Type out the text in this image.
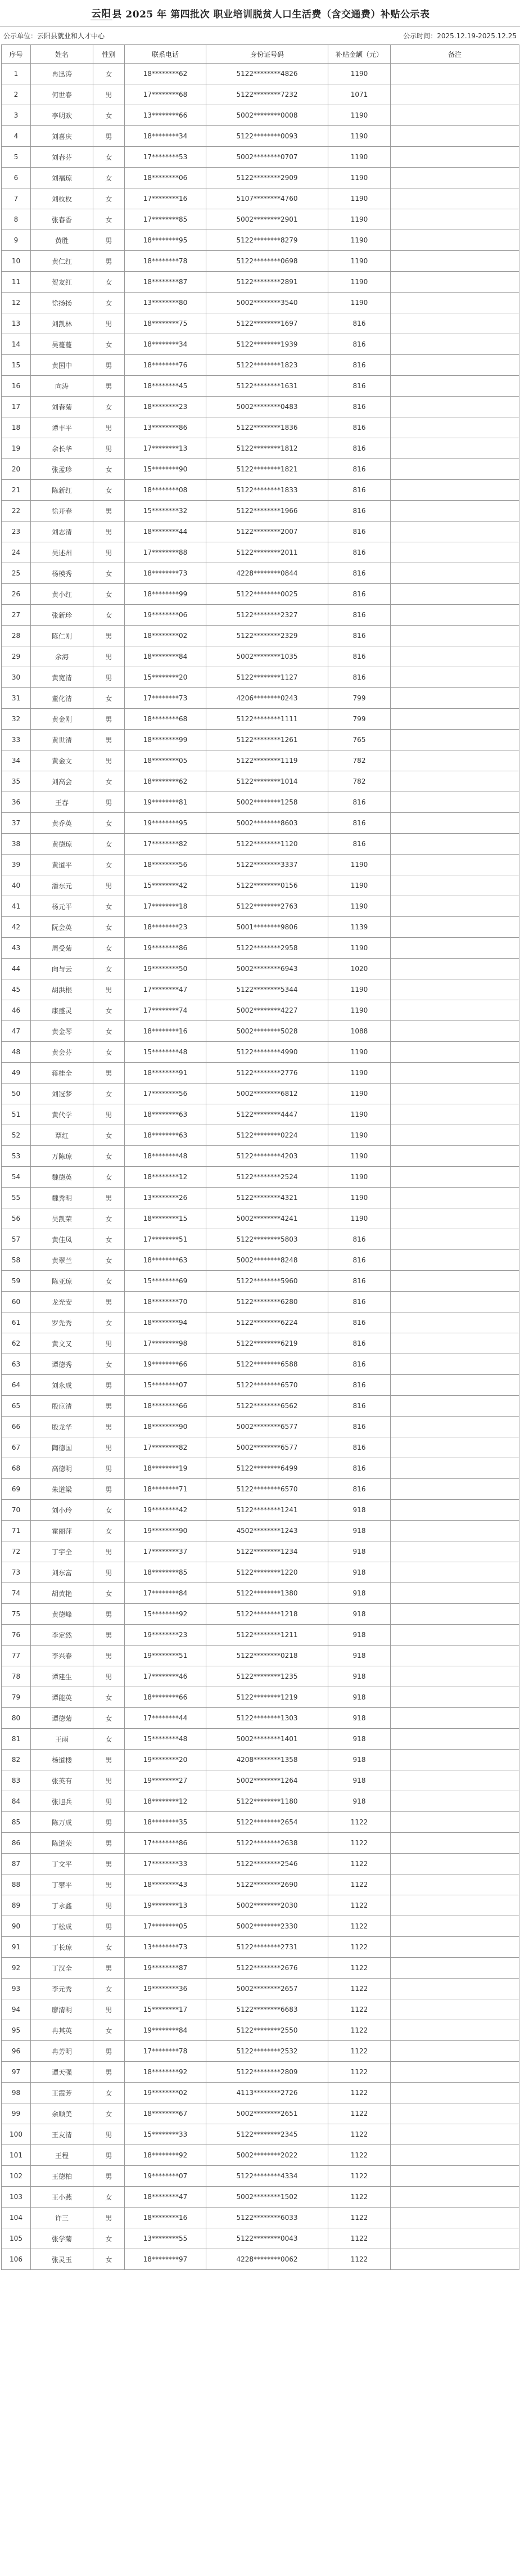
云阳 县 2025 年 第四批次 职业培训脱贫人口生活费（含交通费）补贴公示表
公示单位：云阳县就业和人才中心	公示时间：2025.12.19-2025.12.25
序号	姓名	性别	联系电话	身份证号码	补贴金额（元）	备注
1	冉迅涛	女	18********62	5122********4826	1190	
2	何世春	男	17********68	5122********7232	1071	
3	李明欢	女	13********66	5002********0008	1190	
4	刘喜庆	男	18********34	5122********0093	1190	
5	刘春芬	女	17********53	5002********0707	1190	
6	刘福琼	女	18********06	5122********2909	1190	
7	刘枚枚	女	17********16	5107********4760	1190	
8	张春香	女	17********85	5002********2901	1190	
9	黄胜	男	18********95	5122********8279	1190	
10	黄仁红	男	18********78	5122********0698	1190	
11	贺友红	女	18********87	5122********2891	1190	
12	徐扬扬	女	13********80	5002********3540	1190	
13	刘凯林	男	18********75	5122********1697	816	
14	吴蔓蔓	女	18********34	5122********1939	816	
15	黄国中	男	18********76	5122********1823	816	
16	向涛	男	18********45	5122********1631	816	
17	刘春菊	女	18********23	5002********0483	816	
18	谭丰平	男	13********86	5122********1836	816	
19	余长华	男	17********13	5122********1812	816	
20	张孟珍	女	15********90	5122********1821	816	
21	陈新红	女	18********08	5122********1833	816	
22	徐开春	男	15********32	5122********1966	816	
23	刘志清	男	18********44	5122********2007	816	
24	吴述州	男	17********88	5122********2011	816	
25	杨模秀	女	18********73	4228********0844	816	
26	黄小红	女	18********99	5122********0025	816	
27	张新珍	女	19********06	5122********2327	816	
28	陈仁刚	男	18********02	5122********2329	816	
29	余海	男	18********84	5002********1035	816	
30	黄宽清	男	15********20	5122********1127	816	
31	董化清	女	17********73	4206********0243	799	
32	黄金刚	男	18********68	5122********1111	799	
33	黄世清	男	18********99	5122********1261	765	
34	黄金文	男	18********05	5122********1119	782	
35	刘高会	女	18********62	5122********1014	782	
36	王春	男	19********81	5002********1258	816	
37	黄乔英	女	19********95	5002********8603	816	
38	黄德琼	女	17********82	5122********1120	816	
39	黄道平	女	18********56	5122********3337	1190	
40	潘东元	男	15********42	5122********0156	1190	
41	杨元平	女	17********18	5122********2763	1190	
42	阮会英	女	18********23	5001********9806	1139	
43	周受菊	女	19********86	5122********2958	1190	
44	向与云	女	19********50	5002********6943	1020	
45	胡洪根	男	17********47	5122********5344	1190	
46	康盛灵	女	17********74	5002********4227	1190	
47	黄金琴	女	18********16	5002********5028	1088	
48	黄会芬	女	15********48	5122********4990	1190	
49	蒋桂全	男	18********91	5122********2776	1190	
50	刘冠梦	女	17********56	5002********6812	1190	
51	黄代学	男	18********63	5122********4447	1190	
52	覃红	女	18********63	5122********0224	1190	
53	万陈琼	女	18********48	5122********4203	1190	
54	魏德英	女	18********12	5122********2524	1190	
55	魏秀明	男	13********26	5122********4321	1190	
56	吴凯荣	女	18********15	5002********4241	1190	
57	黄佳凤	女	17********51	5122********5803	816	
58	黄翠兰	女	18********63	5002********8248	816	
59	陈亚琼	女	15********69	5122********5960	816	
60	龙光安	男	18********70	5122********6280	816	
61	罗先秀	女	18********94	5122********6224	816	
62	黄文又	男	17********98	5122********6219	816	
63	谭德秀	女	19********66	5122********6588	816	
64	刘永成	男	15********07	5122********6570	816	
65	殷应清	男	18********66	5122********6562	816	
66	殷龙华	男	18********90	5002********6577	816	
67	陶德国	男	17********82	5002********6577	816	
68	高德明	男	18********19	5122********6499	816	
69	朱道梁	男	18********71	5122********6570	816	
70	刘小玲	女	19********42	5122********1241	918	
71	霍丽萍	女	19********90	4502********1243	918	
72	丁宇全	男	17********37	5122********1234	918	
73	刘东富	男	18********85	5122********1220	918	
74	胡黄艳	女	17********84	5122********1380	918	
75	黄德峰	男	15********92	5122********1218	918	
76	李定然	男	19********23	5122********1211	918	
77	李兴春	男	19********51	5122********0218	918	
78	谭建生	男	17********46	5122********1235	918	
79	谭能英	女	18********66	5122********1219	918	
80	谭德菊	女	17********44	5122********1303	918	
81	王雨	女	15********48	5002********1401	918	
82	杨道楼	男	19********20	4208********1358	918	
83	张英有	男	19********27	5002********1264	918	
84	张旭兵	男	18********12	5122********1180	918	
85	陈万成	男	18********35	5122********2654	1122	
86	陈道荣	男	17********86	5122********2638	1122	
87	丁文平	男	17********33	5122********2546	1122	
88	丁攀平	男	18********43	5122********2690	1122	
89	丁永鑫	男	19********13	5002********2030	1122	
90	丁松成	男	17********05	5002********2330	1122	
91	丁长琼	女	13********73	5122********2731	1122	
92	丁汉全	男	19********87	5122********2676	1122	
93	李元秀	女	19********36	5002********2657	1122	
94	廖清明	男	15********17	5122********6683	1122	
95	冉其英	女	19********84	5122********2550	1122	
96	冉芳明	男	17********78	5122********2532	1122	
97	谭天强	男	18********92	5122********2809	1122	
98	王霞芳	女	19********02	4113********2726	1122	
99	余顺美	女	18********67	5002********2651	1122	
100	王友清	男	15********33	5122********2345	1122	
101	王程	男	18********92	5002********2022	1122	
102	王德柏	男	19********07	5122********4334	1122	
103	王小燕	女	18********47	5002********1502	1122	
104	许三	男	18********16	5122********6033	1122	
105	张学菊	女	13********55	5122********0043	1122	
106	张灵玉	女	18********97	4228********0062	1122	
